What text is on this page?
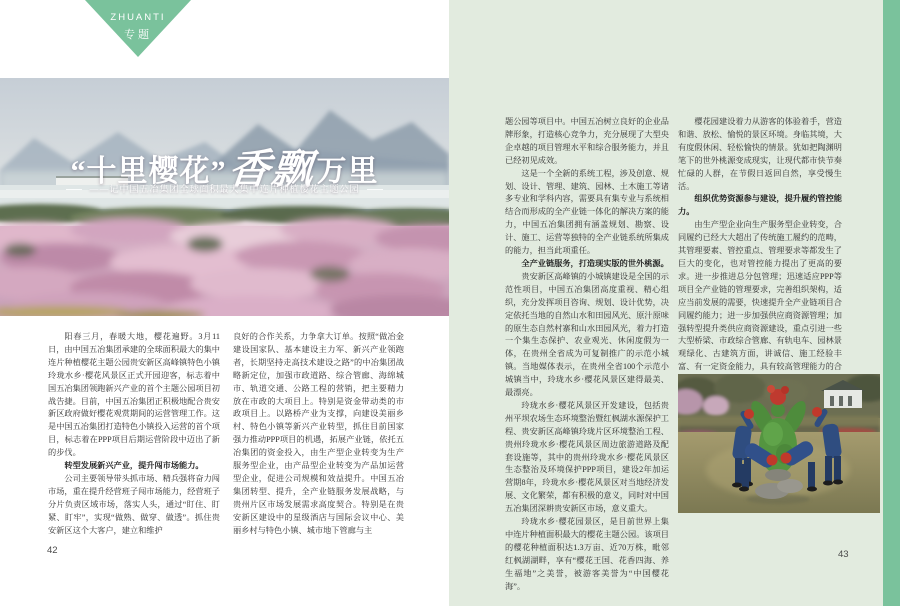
ZHUANTI
专题
“十里樱花”香飘万里
——记中国五冶集团全球面积最大集中连片种植樱花主题公园

阳春三月，春暖大地，樱花遍野。3月11日，由中国五冶集团承建的全球面积最大的集中连片种植樱花主题公园贵安新区高峰镇特色小镇玲珑水乡·樱花风景区正式开园迎客，标志着中国五冶集团领跑新兴产业的首个主题公园项目初战告捷。目前，中国五冶集团正积极地配合贵安新区政府做好樱花观赏期间的运营管理工作。这是中国五冶集团打造特色小镇投入运营的首个项目，标志着在PPP项目后期运营阶段中迈出了新的步伐。

转型发展新兴产业，提升闯市场能力。

公司主要领导带头抓市场、精兵强将奋力闯市场，重在提升经营班子闯市场能力，经营班子分片负责区域市场，落实人头，通过“盯住、盯紧、盯牢”，实现“做熟、做穿、做透”。抓住贵安新区这个大客户，建立和维护

良好的合作关系，力争拿大订单。按照“做冶金建设国家队、基本建设主力军、新兴产业领跑者，长期坚持走高技术建设之路”的中冶集团战略新定位，加强市政道路、综合管廊、海绵城市、轨道交通、公路工程的营销，把主要精力放在市政的大项目上。特别是资金带动类的市政项目上。以路桥产业为支撑，向建设美丽乡村、特色小镇等新兴产业转型，抓住目前国家强力推动PPP项目的机遇，拓展产业链，依托五冶集团的资金投入，由生产型企业转变为生产服务型企业，由产品型企业转变为产品加运营型企业，促进公司规模和效益提升。中国五冶集团转型、提升，全产业链服务发展战略，与贵州片区市场发展需求高度契合。特别是在贵安新区建设中的星级酒店与国际会议中心、美丽乡村与特色小镇、城市地下管廊与主

题公园等项目中。中国五冶树立良好的企业品牌形象，打造核心竞争力，充分展现了大型央企卓越的项目管理水平和综合服务能力，并且已经初见成效。

这是一个全新的系统工程，涉及创意、规划、设计、管理、建筑、园林、土木施工等诸多专业和学科内容，需要具有集专业与系统相结合而形成的全产业链一体化的解决方案的能力，中国五冶集团拥有涵盖规划、勘察、设计、施工、运营等独特的全产业链系统所集成的能力，担当此项重任。

全产业链服务，打造现实版的世外桃源。

贵安新区高峰镇的小城镇建设是全国的示范性项目，中国五冶集团高度重视、精心组织，充分发挥项目咨询、规划、设计优势，决定依托当地的自然山水和田园风光、原汁原味的原生态自然村寨和山水田园风光，着力打造一个集生态保护、农业观光、休闲度假为一体，在贵州全省成为可复制推广的示范小城镇。当地媒体表示，在贵州全省100个示范小城镇当中，玲珑水乡·樱花风景区建得最美、最漂亮。

玲珑水乡·樱花风景区开发建设，包括贵州平坝农场生态环境整治暨红枫湖水源保护工程、贵安新区高峰镇玲珑片区环境整治工程、贵州玲珑水乡·樱花风景区周边旅游道路及配套设施等，其中的贵州玲珑水乡·樱花风景区生态整治及环境保护PPP项目，建设2年加运营期8年，玲珑水乡·樱花风景区对当地经济发展、文化繁荣，都有积极的意义，同时对中国五冶集团深耕贵安新区市场，意义重大。

玲珑水乡·樱花园景区，是目前世界上集中连片种植面积最大的樱花主题公园。该项目的樱花种植面积达1.3万亩、近70万株，毗邻红枫湖湖畔，享有“樱花王国、花香四海、养生福地”之美誉，被游客美誉为“中国樱花海”。

樱花园建设着力从游客的体验着手，营造和谐、放松、愉悦的景区环境。身临其境，大有度假休闲、轻松愉快的情景。犹如把陶渊明笔下的世外桃源变成现实，让现代都市快节奏忙碌的人群，在节假日返回自然，享受慢生活。

组织优势资源参与建设，提升履约管控能力。

由生产型企业向生产服务型企业转变，合同履约已经大大超出了传统施工履约的范畴，其管理要素、管控重点、管理要求等都发生了巨大的变化，也对管控能力提出了更高的要求。进一步推进总分包管理；迅速适应PPP等项目全产业链的管理要求，完善组织架构，适应当前发展的需要，快速提升全产业链项目合同履约能力；进一步加强供应商资源管理；加强转型提升类供应商资源建设，重点引进一些大型桥梁、市政综合管廊、有轨电车、园林景观绿化、古建筑方面，讲诚信、施工经验丰富、有一定资金能力，具有较高管理能力的合

42	43
